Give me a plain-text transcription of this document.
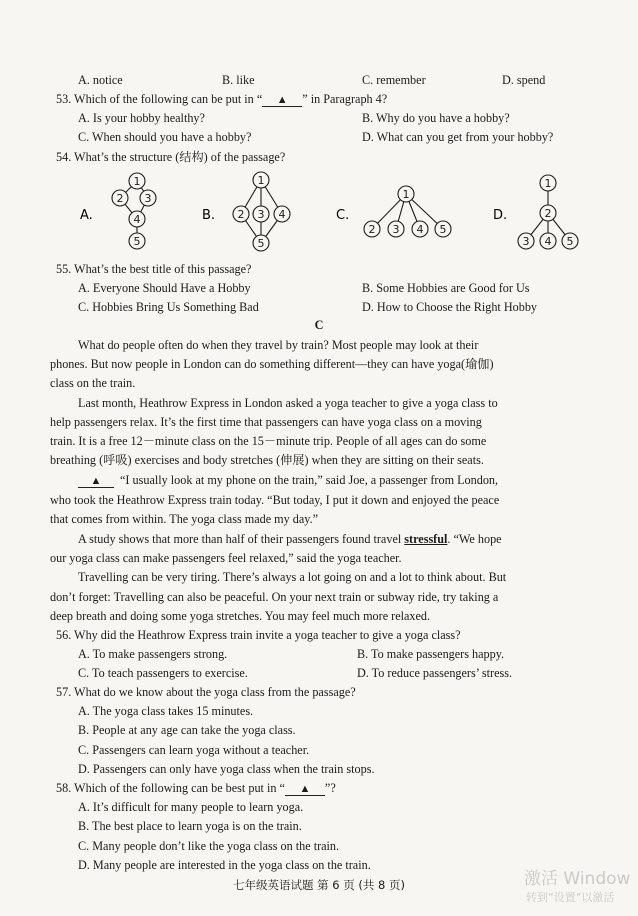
A. notice	B. like	C. remember	D. spend
53. Which of the following can be put in “ ▲ ” in Paragraph 4?
A. Is your hobby healthy?	B. Why do you have a hobby?
C. When should you have a hobby?	D. What can you get from your hobby?
54. What’s the structure (结构) of the passage?
1
2 3
4
5
1
2 3 4
5
1
2 3 4 5
1
2
3 4 5
A.	B.	C.	D.
55. What’s the best title of this passage?
A. Everyone Should Have a Hobby	B. Some Hobbies are Good for Us
C. Hobbies Bring Us Something Bad	D. How to Choose the Right Hobby
C
What do people often do when they travel by train? Most people may look at their
phones. But now people in London can do something different—they can have yoga(瑜伽)
class on the train.
Last month, Heathrow Express in London asked a yoga teacher to give a yoga class to
help passengers relax. It’s the first time that passengers can have yoga class on a moving
train. It is a free 12－minute class on the 15－minute trip. People of all ages can do some
breathing (呼吸) exercises and body stretches (伸展) when they are sitting on their seats.
▲ “I usually look at my phone on the train,” said Joe, a passenger from London,
who took the Heathrow Express train today. “But today, I put it down and enjoyed the peace
that comes from within. The yoga class made my day.”
A study shows that more than half of their passengers found travel stressful. “We hope
our yoga class can make passengers feel relaxed,” said the yoga teacher.
Travelling can be very tiring. There’s always a lot going on and a lot to think about. But
don’t forget: Travelling can also be peaceful. On your next train or subway ride, try taking a
deep breath and doing some yoga stretches. You may feel much more relaxed.
56. Why did the Heathrow Express train invite a yoga teacher to give a yoga class?
A. To make passengers strong.	B. To make passengers happy.
C. To teach passengers to exercise.	D. To reduce passengers’ stress.
57. What do we know about the yoga class from the passage?
A. The yoga class takes 15 minutes.
B. People at any age can take the yoga class.
C. Passengers can learn yoga without a teacher.
D. Passengers can only have yoga class when the train stops.
58. Which of the following can be best put in “ ▲ ”?
A. It’s difficult for many people to learn yoga.
B. The best place to learn yoga is on the train.
C. Many people don’t like the yoga class on the train.
D. Many people are interested in the yoga class on the train.
七年级英语试题 第 6 页 (共 8 页)	激活 Window
转到“设置”以激活
